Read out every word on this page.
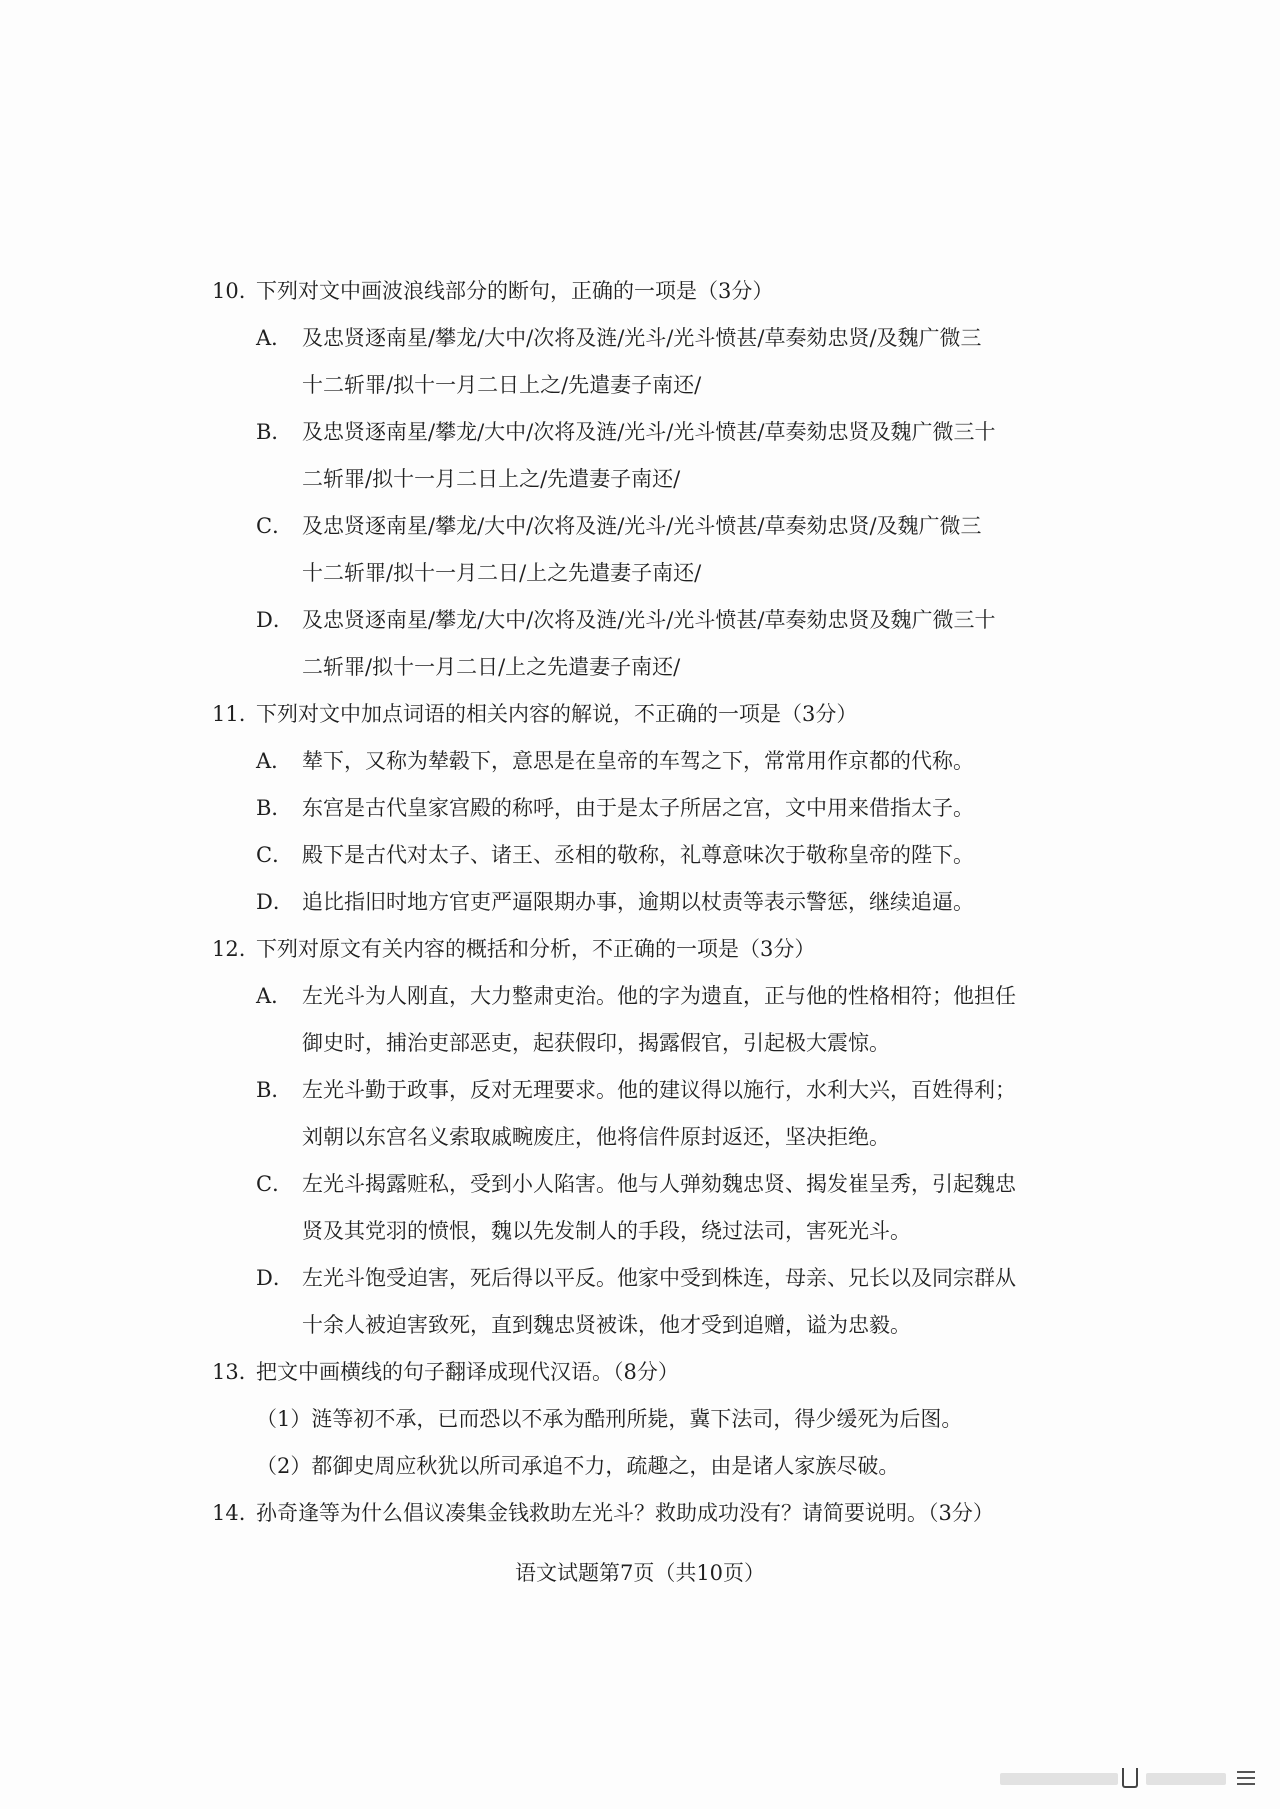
10. 下列对文中画波浪线部分的断句，正确的一项是（3分）

A． 及忠贤逐南星/攀龙/大中/次将及涟/光斗/光斗愤甚/草奏劾忠贤/及魏广微三
十二斩罪/拟十一月二日上之/先遣妻子南还/
B． 及忠贤逐南星/攀龙/大中/次将及涟/光斗/光斗愤甚/草奏劾忠贤及魏广微三十
二斩罪/拟十一月二日上之/先遣妻子南还/
C． 及忠贤逐南星/攀龙/大中/次将及涟/光斗/光斗愤甚/草奏劾忠贤/及魏广微三
十二斩罪/拟十一月二日/上之先遣妻子南还/
D． 及忠贤逐南星/攀龙/大中/次将及涟/光斗/光斗愤甚/草奏劾忠贤及魏广微三十
二斩罪/拟十一月二日/上之先遣妻子南还/

11. 下列对文中加点词语的相关内容的解说，不正确的一项是（3分）

A． 辇下，又称为辇毂下，意思是在皇帝的车驾之下，常常用作京都的代称。
B． 东宫是古代皇家宫殿的称呼，由于是太子所居之宫，文中用来借指太子。
C． 殿下是古代对太子、诸王、丞相的敬称，礼尊意味次于敬称皇帝的陛下。
D． 追比指旧时地方官吏严逼限期办事，逾期以杖责等表示警惩，继续追逼。

12. 下列对原文有关内容的概括和分析，不正确的一项是（3分）

A． 左光斗为人刚直，大力整肃吏治。他的字为遗直，正与他的性格相符；他担任
御史时，捕治吏部恶吏，起获假印，揭露假官，引起极大震惊。
B． 左光斗勤于政事，反对无理要求。他的建议得以施行，水利大兴，百姓得利；
刘朝以东宫名义索取戚畹废庄，他将信件原封返还，坚决拒绝。
C． 左光斗揭露赃私，受到小人陷害。他与人弹劾魏忠贤、揭发崔呈秀，引起魏忠
贤及其党羽的愤恨，魏以先发制人的手段，绕过法司，害死光斗。
D． 左光斗饱受迫害，死后得以平反。他家中受到株连，母亲、兄长以及同宗群从
十余人被迫害致死，直到魏忠贤被诛，他才受到追赠，谥为忠毅。

13．
把文中画横线的句子翻译成现代汉语。（8分）

（1）涟等初不承，已而恐以不承为酷刑所毙，冀下法司，得少缓死为后图。
（2）都御史周应秋犹以所司承追不力，疏趣之，由是诸人家族尽破。

14. 孙奇逢等为什么倡议凑集金钱救助左光斗？救助成功没有？请简要说明。（3分）

语文试题第7页（共10页）
